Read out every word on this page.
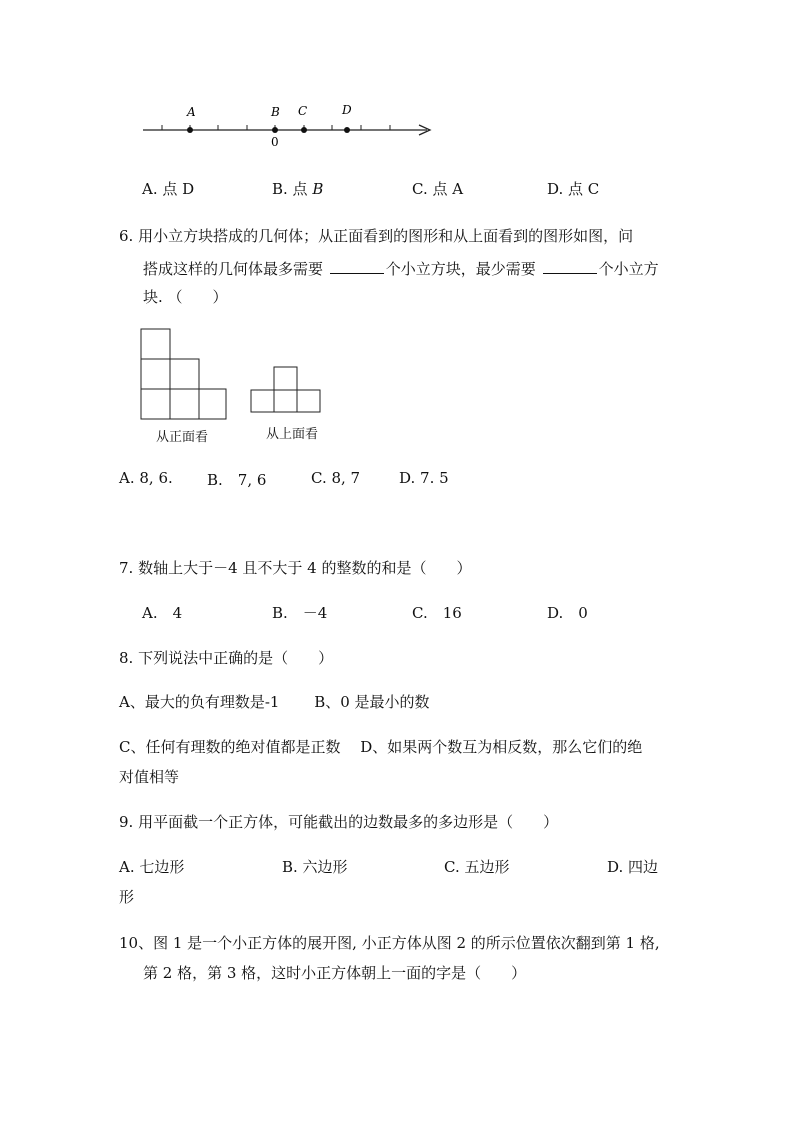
A	B C	D
0
A. 点 D	B. 点 B	C. 点 A	D. 点 C
6. 用小立方块搭成的几何体；从正面看到的图形和从上面看到的图形如图，问
搭成这样的几何体最多需要	个小立方块，最少需要	个小立方
块. （　　）
从正面看	从上面看
A. 8, 6. B.　7, 6	C. 8, 7	D. 7. 5
7. 数轴上大于－4 且不大于 4 的整数的和是（　　）
A.　4	B.　－4	C.　16	D.　0
8. 下列说法中正确的是（　　）
A、最大的负有理数是-1　　 B、0 是最小的数
C、任何有理数的绝对值都是正数　 D、如果两个数互为相反数，那么它们的绝
对值相等
9. 用平面截一个正方体，可能截出的边数最多的多边形是（　　）
A. 七边形	B. 六边形	C. 五边形	D. 四边
形
10、图 1 是一个小正方体的展开图, 小正方体从图 2 的所示位置依次翻到第 1 格,
第 2 格，第 3 格，这时小正方体朝上一面的字是（　　）
